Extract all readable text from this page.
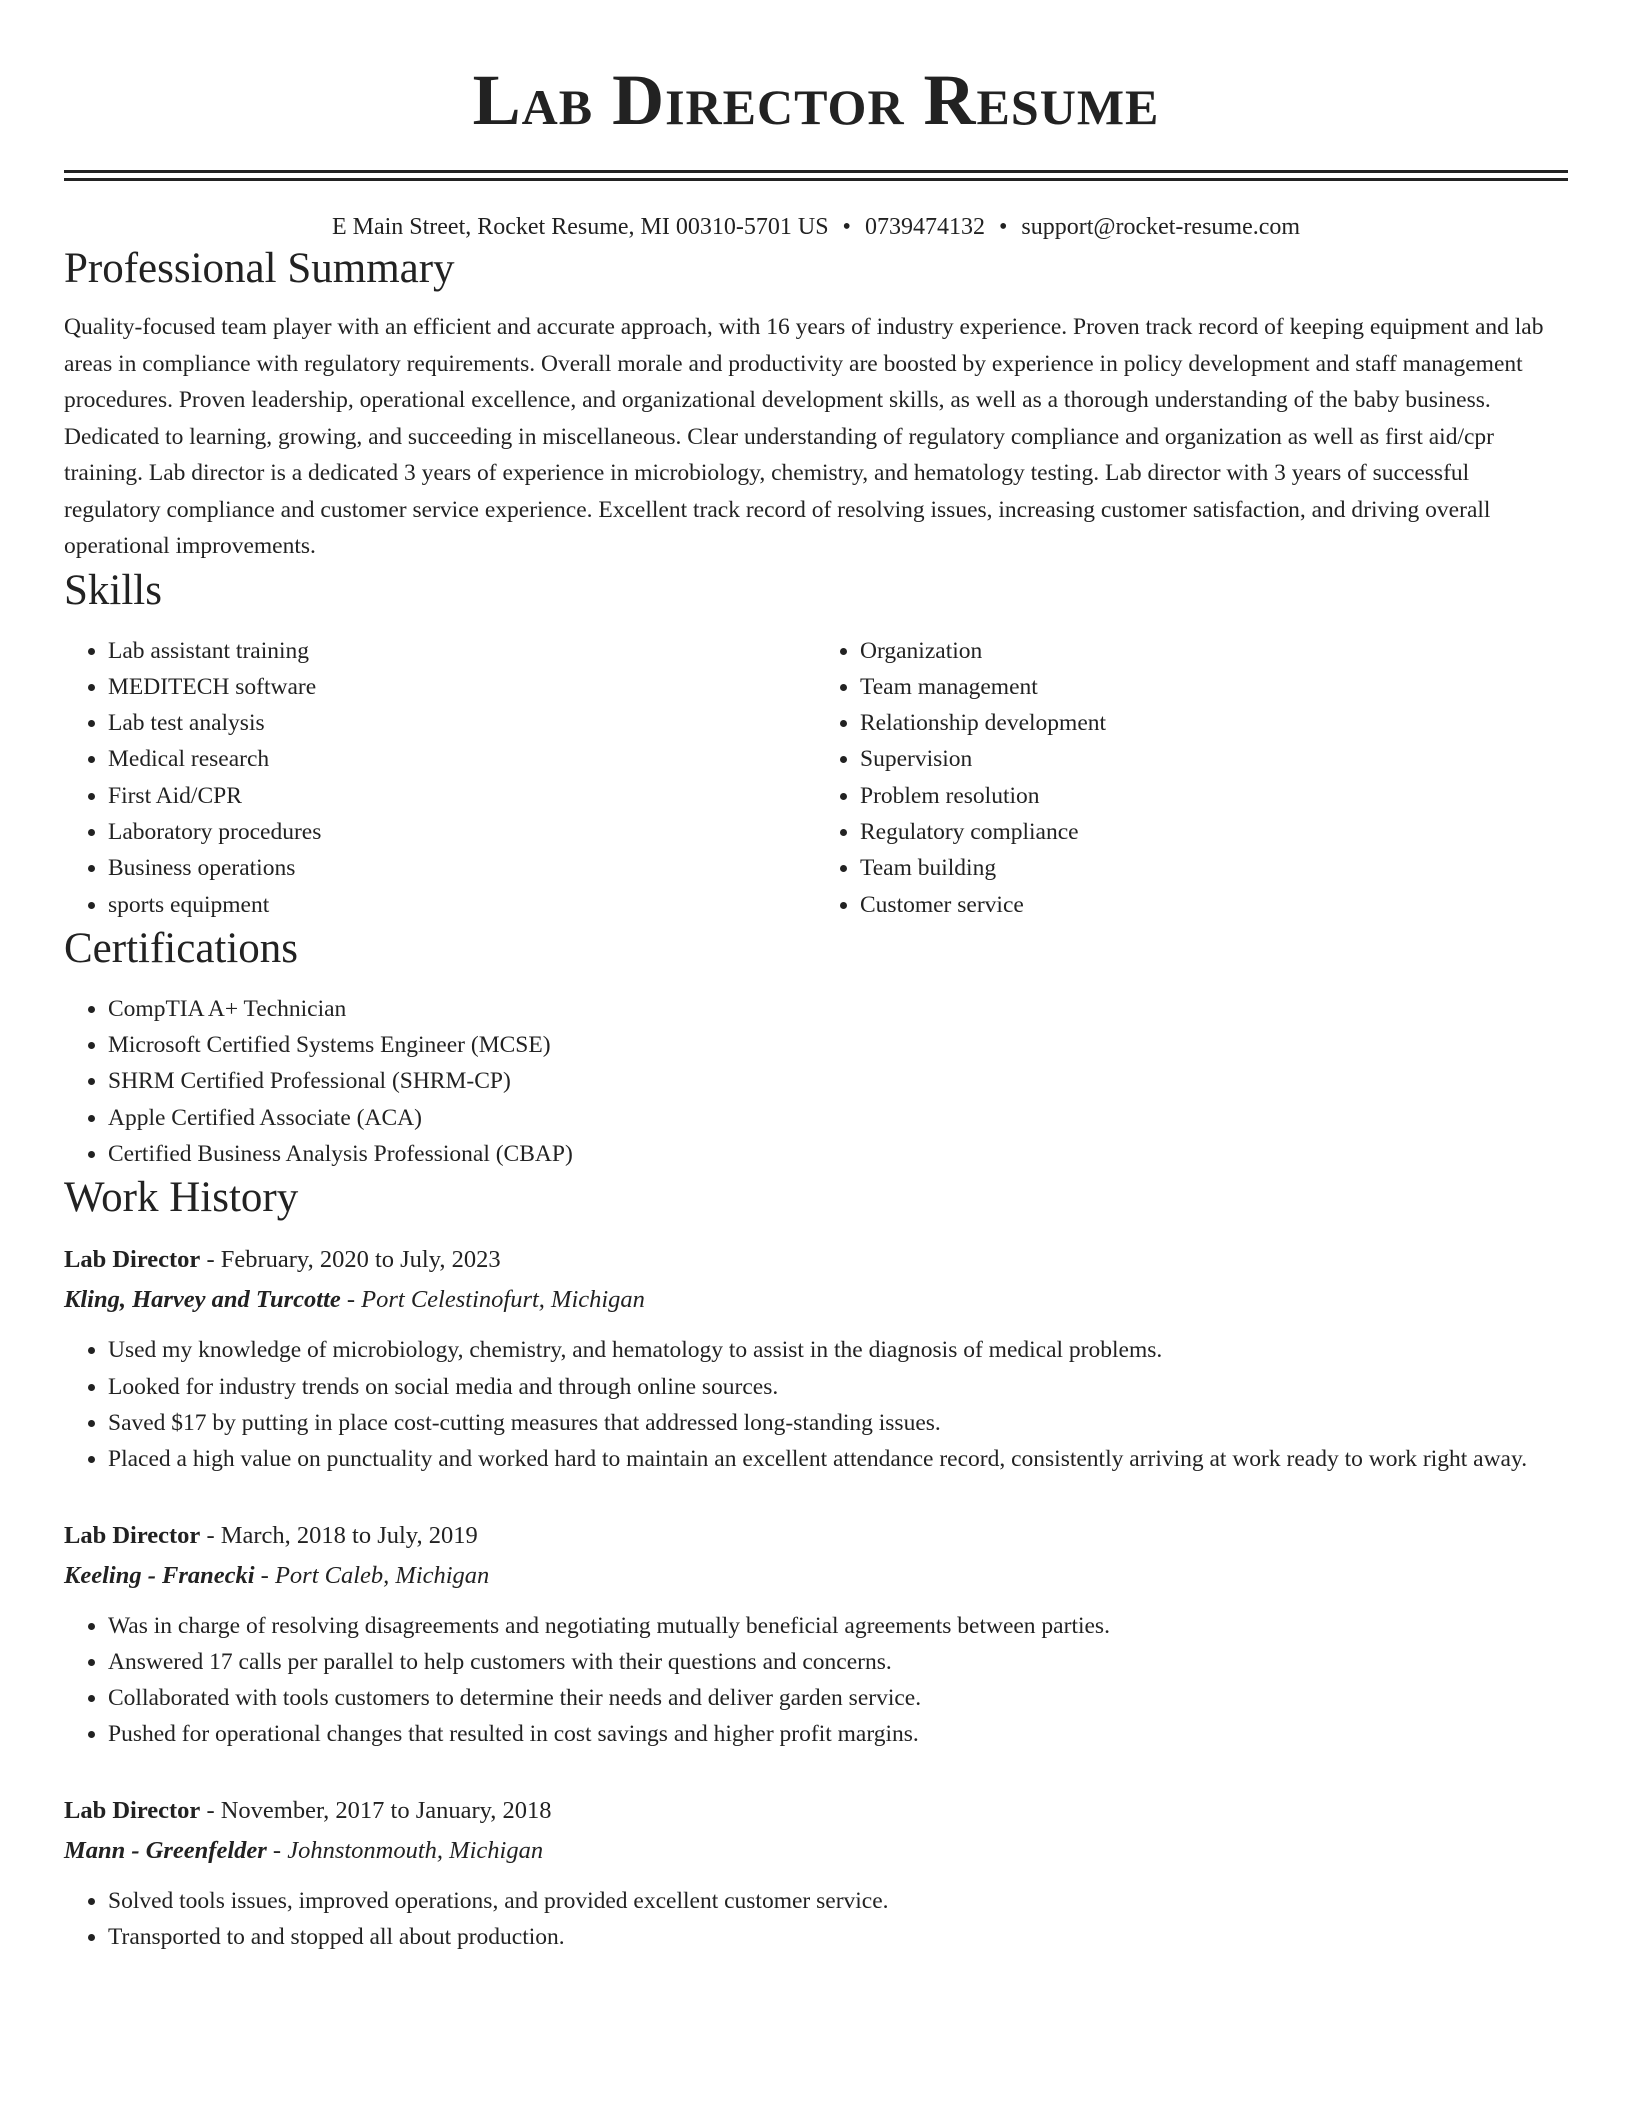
Lab Director Resume
E Main Street, Rocket Resume, MI 00310-5701 US • 0739474132 • support@rocket-resume.com
Professional Summary

Quality-focused team player with an efficient and accurate approach, with 16 years of industry experience. Proven track record of keeping equipment and lab areas in compliance with regulatory requirements. Overall morale and productivity are boosted by experience in policy development and staff management procedures. Proven leadership, operational excellence, and organizational development skills, as well as a thorough understanding of the baby business. Dedicated to learning, growing, and succeeding in miscellaneous. Clear understanding of regulatory compliance and organization as well as first aid/cpr training. Lab director is a dedicated 3 years of experience in microbiology, chemistry, and hematology testing. Lab director with 3 years of successful regulatory compliance and customer service experience. Excellent track record of resolving issues, increasing customer satisfaction, and driving overall operational improvements.

Skills
• Lab assistant training
• MEDITECH software
• Lab test analysis
• Medical research
• First Aid/CPR
• Laboratory procedures
• Business operations
• sports equipment
• Organization
• Team management
• Relationship development
• Supervision
• Problem resolution
• Regulatory compliance
• Team building
• Customer service
Certifications
• CompTIA A+ Technician
• Microsoft Certified Systems Engineer (MCSE)
• SHRM Certified Professional (SHRM-CP)
• Apple Certified Associate (ACA)
• Certified Business Analysis Professional (CBAP)
Work History
Lab Director - February, 2020 to July, 2023
Kling, Harvey and Turcotte - Port Celestinofurt, Michigan
• Used my knowledge of microbiology, chemistry, and hematology to assist in the diagnosis of medical problems.
• Looked for industry trends on social media and through online sources.
• Saved $17 by putting in place cost-cutting measures that addressed long-standing issues.
• Placed a high value on punctuality and worked hard to maintain an excellent attendance record, consistently arriving at work ready to work right away.
Lab Director - March, 2018 to July, 2019
Keeling - Franecki - Port Caleb, Michigan
• Was in charge of resolving disagreements and negotiating mutually beneficial agreements between parties.
• Answered 17 calls per parallel to help customers with their questions and concerns.
• Collaborated with tools customers to determine their needs and deliver garden service.
• Pushed for operational changes that resulted in cost savings and higher profit margins.
Lab Director - November, 2017 to January, 2018
Mann - Greenfelder - Johnstonmouth, Michigan
• Solved tools issues, improved operations, and provided excellent customer service.
• Transported to and stopped all about production.
